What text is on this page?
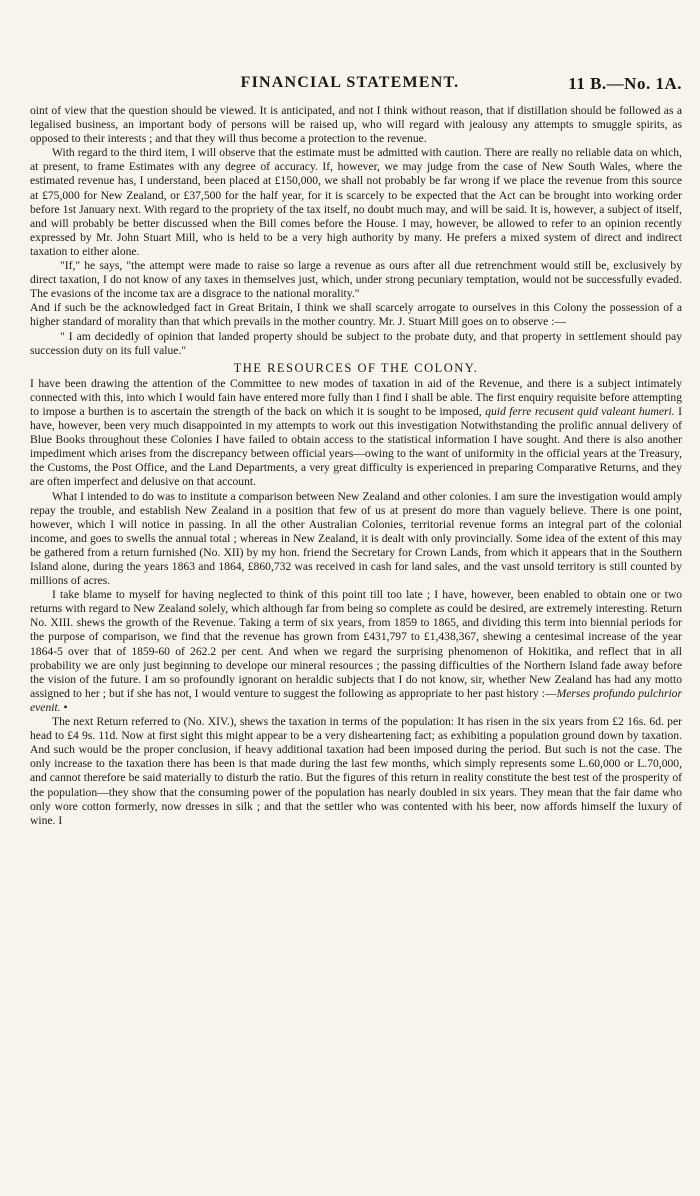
FINANCIAL STATEMENT.	11 B.—No. 1A.

oint of view that the question should be viewed. It is anticipated, and not I think without reason, that if distillation should be followed as a legalised business, an important body of persons will be raised up, who will regard with jealousy any attempts to smuggle spirits, as opposed to their interests ; and that they will thus become a protection to the revenue.

With regard to the third item, I will observe that the estimate must be admitted with caution. There are really no reliable data on which, at present, to frame Estimates with any degree of accuracy. If, however, we may judge from the case of New South Wales, where the estimated revenue has, I understand, been placed at £150,000, we shall not probably be far wrong if we place the revenue from this source at £75,000 for New Zealand, or £37,500 for the half year, for it is scarcely to be expected that the Act can be brought into working order before 1st January next. With regard to the propriety of the tax itself, no doubt much may, and will be said. It is, however, a subject of itself, and will probably be better discussed when the Bill comes before the House. I may, however, be allowed to refer to an opinion recently expressed by Mr. John Stuart Mill, who is held to be a very high authority by many. He prefers a mixed system of direct and indirect taxation to either alone.

"If," he says, "the attempt were made to raise so large a revenue as ours after all due retrenchment would still be, exclusively by direct taxation, I do not know of any taxes in themselves just, which, under strong pecuniary temptation, would not be successfully evaded. The evasions of the income tax are a disgrace to the national morality."

And if such be the acknowledged fact in Great Britain, I think we shall scarcely arrogate to ourselves in this Colony the possession of a higher standard of morality than that which prevails in the mother country. Mr. J. Stuart Mill goes on to observe :—

" I am decidedly of opinion that landed property should be subject to the probate duty, and that property in settlement should pay succession duty on its full value."

THE RESOURCES OF THE COLONY.

I have been drawing the attention of the Committee to new modes of taxation in aid of the Revenue, and there is a subject intimately connected with this, into which I would fain have entered more fully than I find I shall be able. The first enquiry requisite before attempting to impose a burthen is to ascertain the strength of the back on which it is sought to be imposed, quid ferre recusent quid valeant humeri. I have, however, been very much disappointed in my attempts to work out this investigation Notwithstanding the prolific annual delivery of Blue Books throughout these Colonies I have failed to obtain access to the statistical information I have sought. And there is also another impediment which arises from the discrepancy between official years—owing to the want of uniformity in the official years at the Treasury, the Customs, the Post Office, and the Land Departments, a very great difficulty is experienced in preparing Comparative Returns, and they are often imperfect and delusive on that account.

What I intended to do was to institute a comparison between New Zealand and other colonies. I am sure the investigation would amply repay the trouble, and establish New Zealand in a position that few of us at present do more than vaguely believe. There is one point, however, which I will notice in passing. In all the other Australian Colonies, territorial revenue forms an integral part of the colonial income, and goes to swells the annual total ; whereas in New Zealand, it is dealt with only provincially. Some idea of the extent of this may be gathered from a return furnished (No. XII) by my hon. friend the Secretary for Crown Lands, from which it appears that in the Southern Island alone, during the years 1863 and 1864, £860,732 was received in cash for land sales, and the vast unsold territory is still counted by millions of acres.

I take blame to myself for having neglected to think of this point till too late ; I have, however, been enabled to obtain one or two returns with regard to New Zealand solely, which although far from being so complete as could be desired, are extremely interesting. Return No. XIII. shews the growth of the Revenue. Taking a term of six years, from 1859 to 1865, and dividing this term into biennial periods for the purpose of comparison, we find that the revenue has grown from £431,797 to £1,438,367, shewing a centesimal increase of the year 1864-5 over that of 1859-60 of 262.2 per cent. And when we regard the surprising phenomenon of Hokitika, and reflect that in all probability we are only just beginning to develope our mineral resources ; the passing difficulties of the Northern Island fade away before the vision of the future. I am so profoundly ignorant on heraldic subjects that I do not know, sir, whether New Zealand has had any motto assigned to her ; but if she has not, I would venture to suggest the following as appropriate to her past history :—Merses profundo pulchrior evenit. •

The next Return referred to (No. XIV.), shews the taxation in terms of the population: It has risen in the six years from £2 16s. 6d. per head to £4 9s. 11d. Now at first sight this might appear to be a very disheartening fact; as exhibiting a population ground down by taxation. And such would be the proper conclusion, if heavy additional taxation had been imposed during the period. But such is not the case. The only increase to the taxation there has been is that made during the last few months, which simply represents some L.60,000 or L.70,000, and cannot therefore be said materially to disturb the ratio. But the figures of this return in reality constitute the best test of the prosperity of the population—they show that the consuming power of the population has nearly doubled in six years. They mean that the fair dame who only wore cotton formerly, now dresses in silk ; and that the settler who was contented with his beer, now affords himself the luxury of wine. I
